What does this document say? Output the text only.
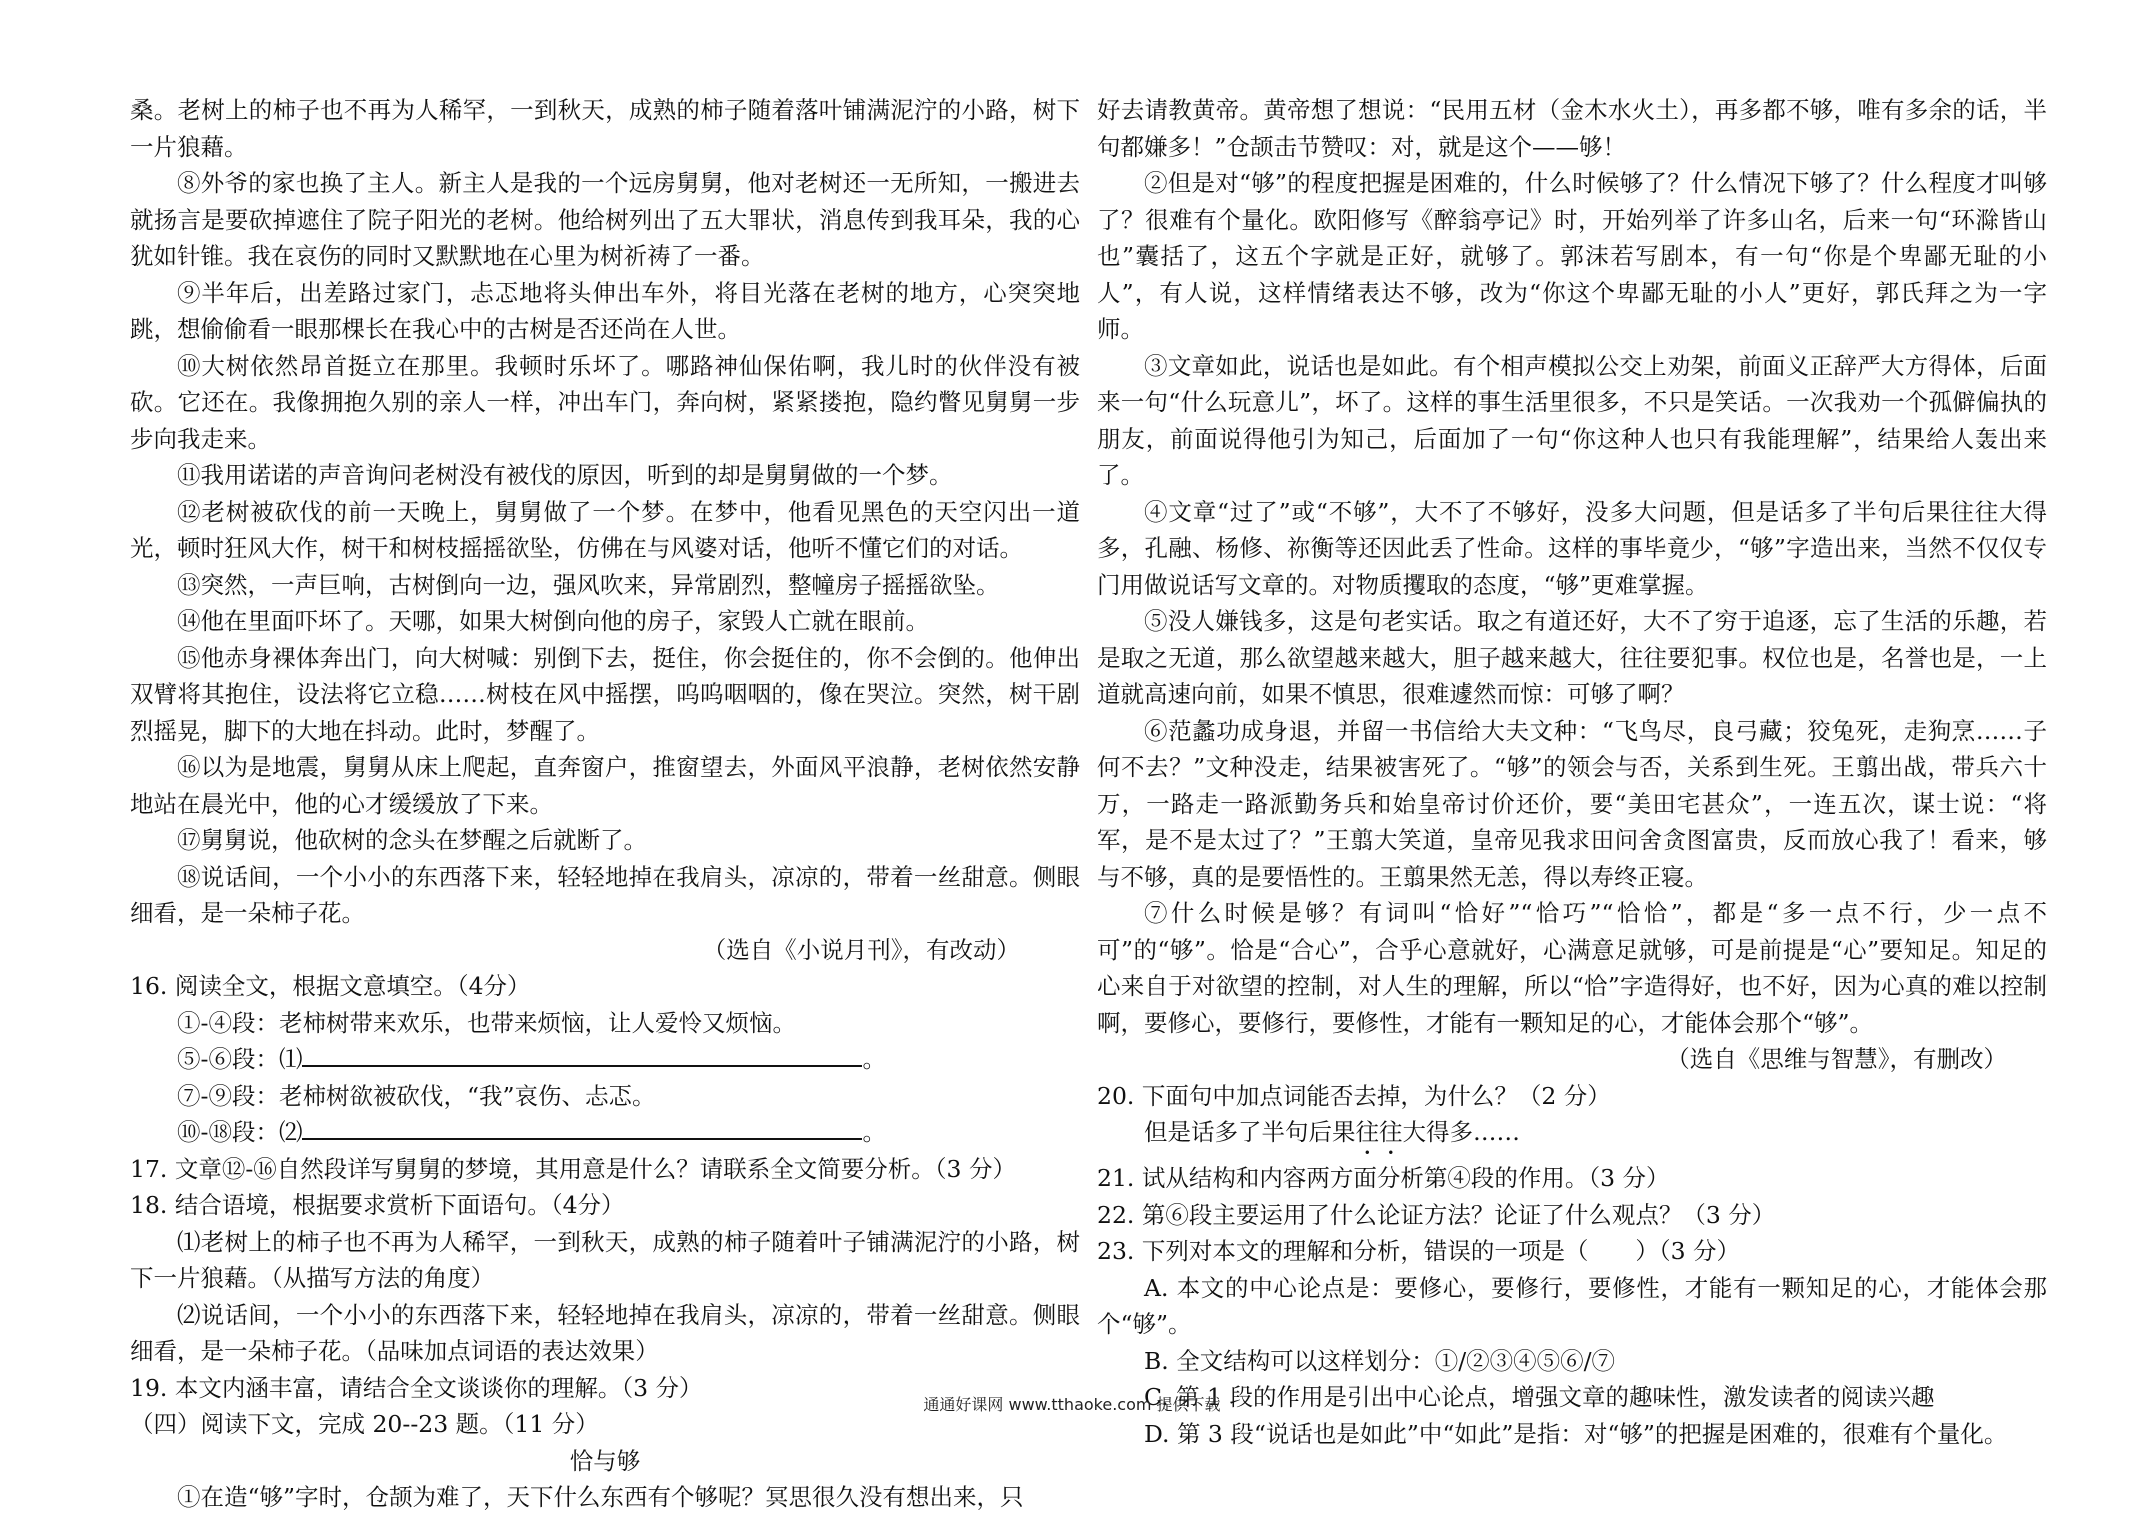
桑。老树上的柿子也不再为人稀罕，一到秋天，成熟的柿子随着落叶铺满泥泞的小路，树下一片狼藉。

⑧外爷的家也换了主人。新主人是我的一个远房舅舅，他对老树还一无所知，一搬进去就扬言是要砍掉遮住了院子阳光的老树。他给树列出了五大罪状，消息传到我耳朵，我的心犹如针锥。我在哀伤的同时又默默地在心里为树祈祷了一番。

⑨半年后，出差路过家门，忐忑地将头伸出车外，将目光落在老树的地方，心突突地跳，想偷偷看一眼那棵长在我心中的古树是否还尚在人世。

⑩大树依然昂首挺立在那里。我顿时乐坏了。哪路神仙保佑啊，我儿时的伙伴没有被砍。它还在。我像拥抱久别的亲人一样，冲出车门，奔向树，紧紧搂抱，隐约瞥见舅舅一步步向我走来。

⑪我用诺诺的声音询问老树没有被伐的原因，听到的却是舅舅做的一个梦。

⑫老树被砍伐的前一天晚上，舅舅做了一个梦。在梦中，他看见黑色的天空闪出一道光，顿时狂风大作，树干和树枝摇摇欲坠，仿佛在与风婆对话，他听不懂它们的对话。

⑬突然，一声巨响，古树倒向一边，强风吹来，异常剧烈，整幢房子摇摇欲坠。

⑭他在里面吓坏了。天哪，如果大树倒向他的房子，家毁人亡就在眼前。

⑮他赤身裸体奔出门，向大树喊：别倒下去，挺住，你会挺住的，你不会倒的。他伸出双臂将其抱住，设法将它立稳……树枝在风中摇摆，呜呜咽咽的，像在哭泣。突然，树干剧烈摇晃，脚下的大地在抖动。此时，梦醒了。

⑯以为是地震，舅舅从床上爬起，直奔窗户，推窗望去，外面风平浪静，老树依然安静地站在晨光中，他的心才缓缓放了下来。

⑰舅舅说，他砍树的念头在梦醒之后就断了。

⑱说话间，一个小小的东西落下来，轻轻地掉在我肩头，凉凉的，带着一丝甜意。侧眼细看，是一朵柿子花。

（选自《小说月刊》，有改动）

16. 阅读全文，根据文意填空。（4分）

①-④段：老柿树带来欢乐，也带来烦恼，让人爱怜又烦恼。

⑤-⑥段：⑴	。

⑦-⑨段：老柿树欲被砍伐，“我”哀伤、忐忑。

⑩-⑱段：⑵	。

17. 文章⑫-⑯自然段详写舅舅的梦境，其用意是什么？请联系全文简要分析。（3 分）

18. 结合语境，根据要求赏析下面语句。（4分）

⑴老树上的柿子也不再为人稀罕，一到秋天，成熟的柿子随着叶子铺满泥泞的小路，树下一片狼藉。（从描写方法的角度）

⑵说话间，一个小小的东西落下来，轻轻地掉在我肩头，凉凉的，带着一丝甜意。侧眼细看，是一朵柿子花。（品味加点词语的表达效果）

19. 本文内涵丰富，请结合全文谈谈你的理解。（3 分）

（四）阅读下文，完成 20--23 题。（11 分）

恰与够

①在造“够”字时，仓颉为难了，天下什么东西有个够呢？冥思很久没有想出来，只

好去请教黄帝。黄帝想了想说：“民用五材（金木水火土），再多都不够，唯有多余的话，半句都嫌多！”仓颉击节赞叹：对，就是这个——够！

②但是对“够”的程度把握是困难的，什么时候够了？什么情况下够了？什么程度才叫够了？很难有个量化。欧阳修写《醉翁亭记》时，开始列举了许多山名，后来一句“环滁皆山也”囊括了，这五个字就是正好，就够了。郭沫若写剧本，有一句“你是个卑鄙无耻的小人”，有人说，这样情绪表达不够，改为“你这个卑鄙无耻的小人”更好，郭氏拜之为一字师。

③文章如此，说话也是如此。有个相声模拟公交上劝架，前面义正辞严大方得体，后面来一句“什么玩意儿”，坏了。这样的事生活里很多，不只是笑话。一次我劝一个孤僻偏执的朋友，前面说得他引为知己，后面加了一句“你这种人也只有我能理解”，结果给人轰出来了。

④文章“过了”或“不够”，大不了不够好，没多大问题，但是话多了半句后果往往大得多，孔融、杨修、祢衡等还因此丢了性命。这样的事毕竟少，“够”字造出来，当然不仅仅专门用做说话写文章的。对物质攫取的态度，“够”更难掌握。

⑤没人嫌钱多，这是句老实话。取之有道还好，大不了穷于追逐，忘了生活的乐趣，若是取之无道，那么欲望越来越大，胆子越来越大，往往要犯事。权位也是，名誉也是，一上道就高速向前，如果不慎思，很难遽然而惊：可够了啊？

⑥范蠡功成身退，并留一书信给大夫文种：“飞鸟尽，良弓藏；狡兔死，走狗烹……子何不去？”文种没走，结果被害死了。“够”的领会与否，关系到生死。王翦出战，带兵六十万，一路走一路派勤务兵和始皇帝讨价还价，要“美田宅甚众”，一连五次，谋士说：“将军，是不是太过了？”王翦大笑道，皇帝见我求田问舍贪图富贵，反而放心我了！看来，够与不够，真的是要悟性的。王翦果然无恙，得以寿终正寝。

⑦什么时候是够？有词叫“恰好”“恰巧”“恰恰”，都是“多一点不行，少一点不可”的“够”。恰是“合心”，合乎心意就好，心满意足就够，可是前提是“心”要知足。知足的心来自于对欲望的控制，对人生的理解，所以“恰”字造得好，也不好，因为心真的难以控制啊，要修心，要修行，要修性，才能有一颗知足的心，才能体会那个“够”。

（选自《思维与智慧》，有删改）

20. 下面句中加点词能否去掉，为什么？（2 分）

但是话多了半句后果往往大得多……

21. 试从结构和内容两方面分析第④段的作用。（3 分）

22. 第⑥段主要运用了什么论证方法？论证了什么观点？（3 分）

23. 下列对本文的理解和分析，错误的一项是（　　）（3 分）

A. 本文的中心论点是：要修心，要修行，要修性，才能有一颗知足的心，才能体会那个“够”。

B. 全文结构可以这样划分：①/②③④⑤⑥/⑦

C. 第 1 段的作用是引出中心论点，增强文章的趣味性，激发读者的阅读兴趣

D. 第 3 段“说话也是如此”中“如此”是指：对“够”的把握是困难的，很难有个量化。

通通好课网 www.tthaoke.com 提供下载
